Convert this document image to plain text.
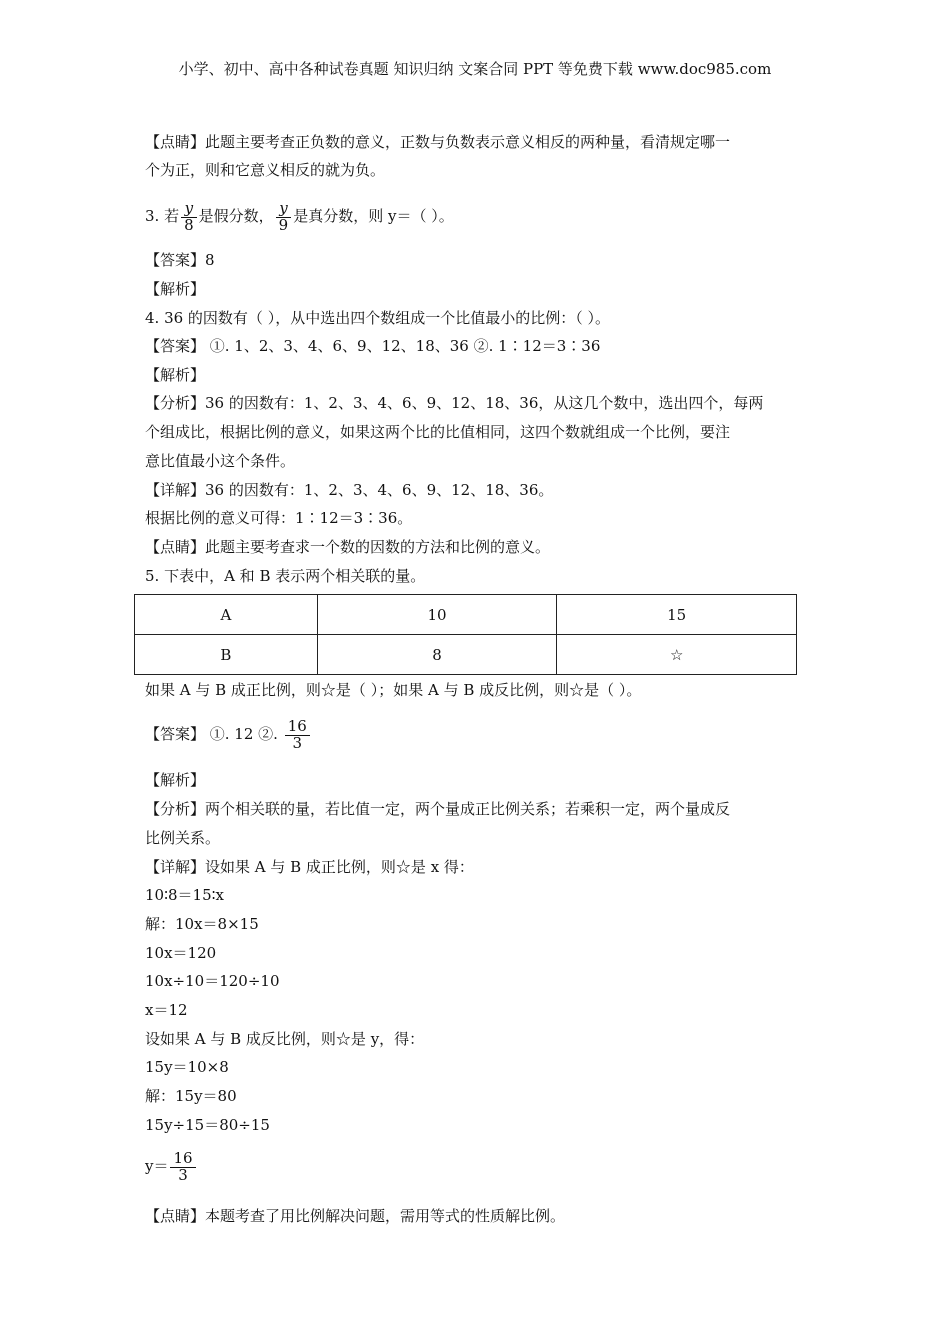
小学、初中、高中各种试卷真题 知识归纳 文案合同 PPT 等免费下载 www.doc985.com
【点睛】此题主要考查正负数的意义，正数与负数表示意义相反的两种量，看清规定哪一
个为正，则和它意义相反的就为负。
3. 若 $\frac{y}{8}$ 是假分数， $\frac{y}{9}$ 是真分数，则 y＝（ ）。
【答案】8
【解析】
4. 36 的因数有（ ），从中选出四个数组成一个比值最小的比例：（ ）。
【答案】 ①. 1、2、3、4、6、9、12、18、36 ②. 1∶12＝3∶36
【解析】
【分析】36 的因数有：1、2、3、4、6、9、12、18、36，从这几个数中，选出四个，每两
个组成比，根据比例的意义，如果这两个比的比值相同，这四个数就组成一个比例，要注
意比值最小这个条件。
【详解】36 的因数有：1、2、3、4、6、9、12、18、36。
根据比例的意义可得：1∶12＝3∶36。
【点睛】此题主要考查求一个数的因数的方法和比例的意义。
5. 下表中，A 和 B 表示两个相关联的量。
A	10	15
B	8	☆
如果 A 与 B 成正比例，则☆是（ ）；如果 A 与 B 成反比例，则☆是（ ）。
【答案】 ①. 12 ②. $\frac{16}{3}$
【解析】
【分析】两个相关联的量，若比值一定，两个量成正比例关系；若乘积一定，两个量成反
比例关系。
【详解】设如果 A 与 B 成正比例，则☆是 x 得：
10∶8＝15∶x
解：10x＝8×15
10x＝120
10x÷10＝120÷10
x＝12
设如果 A 与 B 成反比例，则☆是 y，得：
15y＝10×8
解：15y＝80
15y÷15＝80÷15
$y= \frac{16}{3}$
【点睛】本题考查了用比例解决问题，需用等式的性质解比例。
